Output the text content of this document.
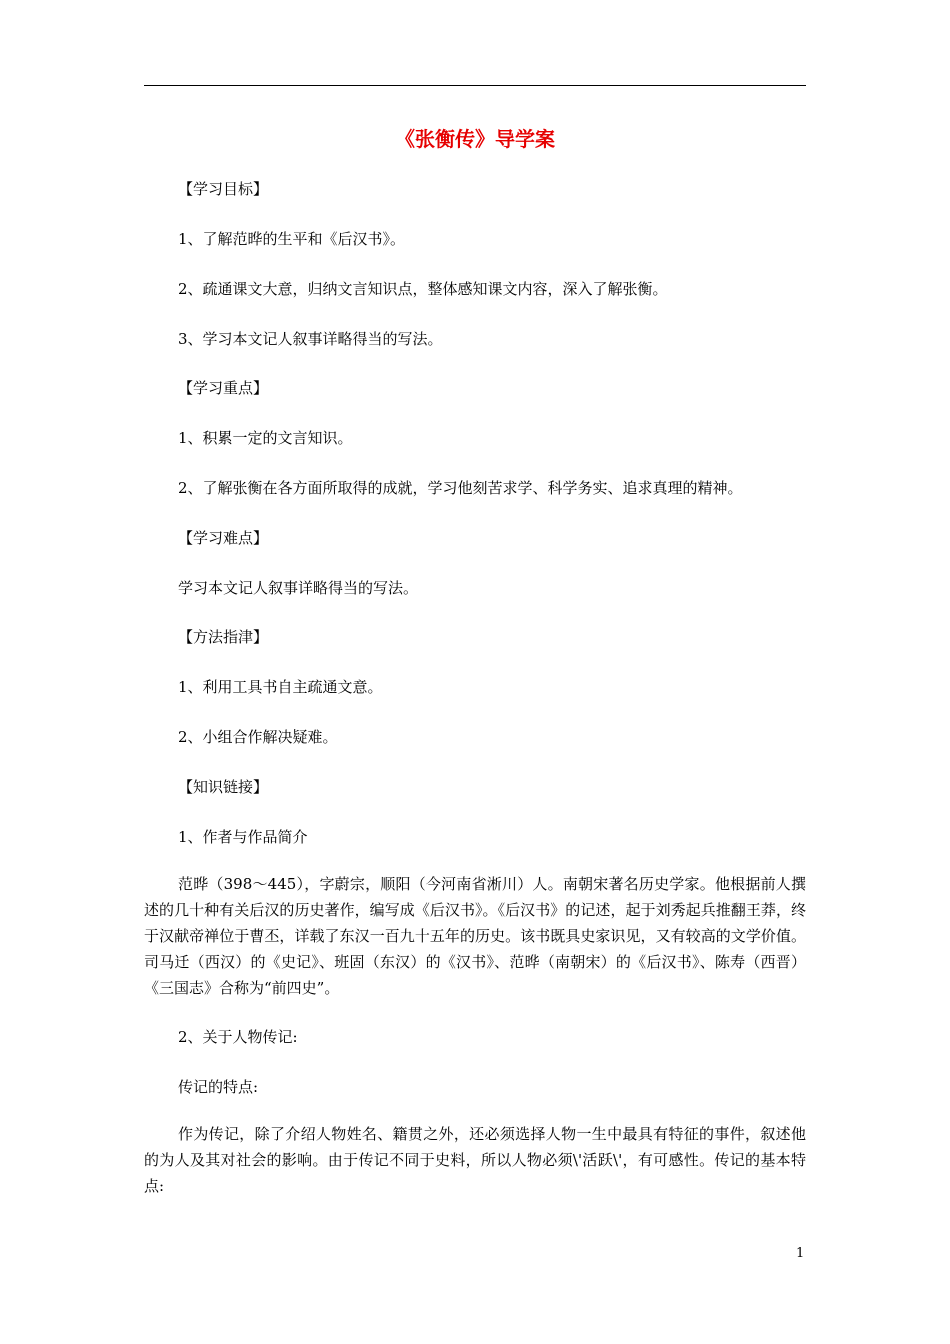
《张衡传》导学案
【学习目标】
1、了解范晔的生平和《后汉书》。
2、疏通课文大意，归纳文言知识点，整体感知课文内容，深入了解张衡。
3、学习本文记人叙事详略得当的写法。
【学习重点】
1、积累一定的文言知识。
2、了解张衡在各方面所取得的成就，学习他刻苦求学、科学务实、追求真理的精神。
【学习难点】
学习本文记人叙事详略得当的写法。
【方法指津】
1、利用工具书自主疏通文意。
2、小组合作解决疑难。
【知识链接】
1、作者与作品简介
范晔（398～445），字蔚宗，顺阳（今河南省淅川）人。南朝宋著名历史学家。他根据前人撰述的几十种有关后汉的历史著作，编写成《后汉书》。《后汉书》的记述，起于刘秀起兵推翻王莽，终于汉献帝禅位于曹丕，详载了东汉一百九十五年的历史。该书既具史家识见，又有较高的文学价值。司马迁（西汉）的《史记》、班固（东汉）的《汉书》、范晔（南朝宋）的《后汉书》、陈寿（西晋）《三国志》合称为“前四史”。
2、关于人物传记:
传记的特点:
作为传记，除了介绍人物姓名、籍贯之外，还必须选择人物一生中最具有特征的事件，叙述他的为人及其对社会的影响。由于传记不同于史料，所以人物必须\'活跃\'，有可感性。传记的基本特点:
1
